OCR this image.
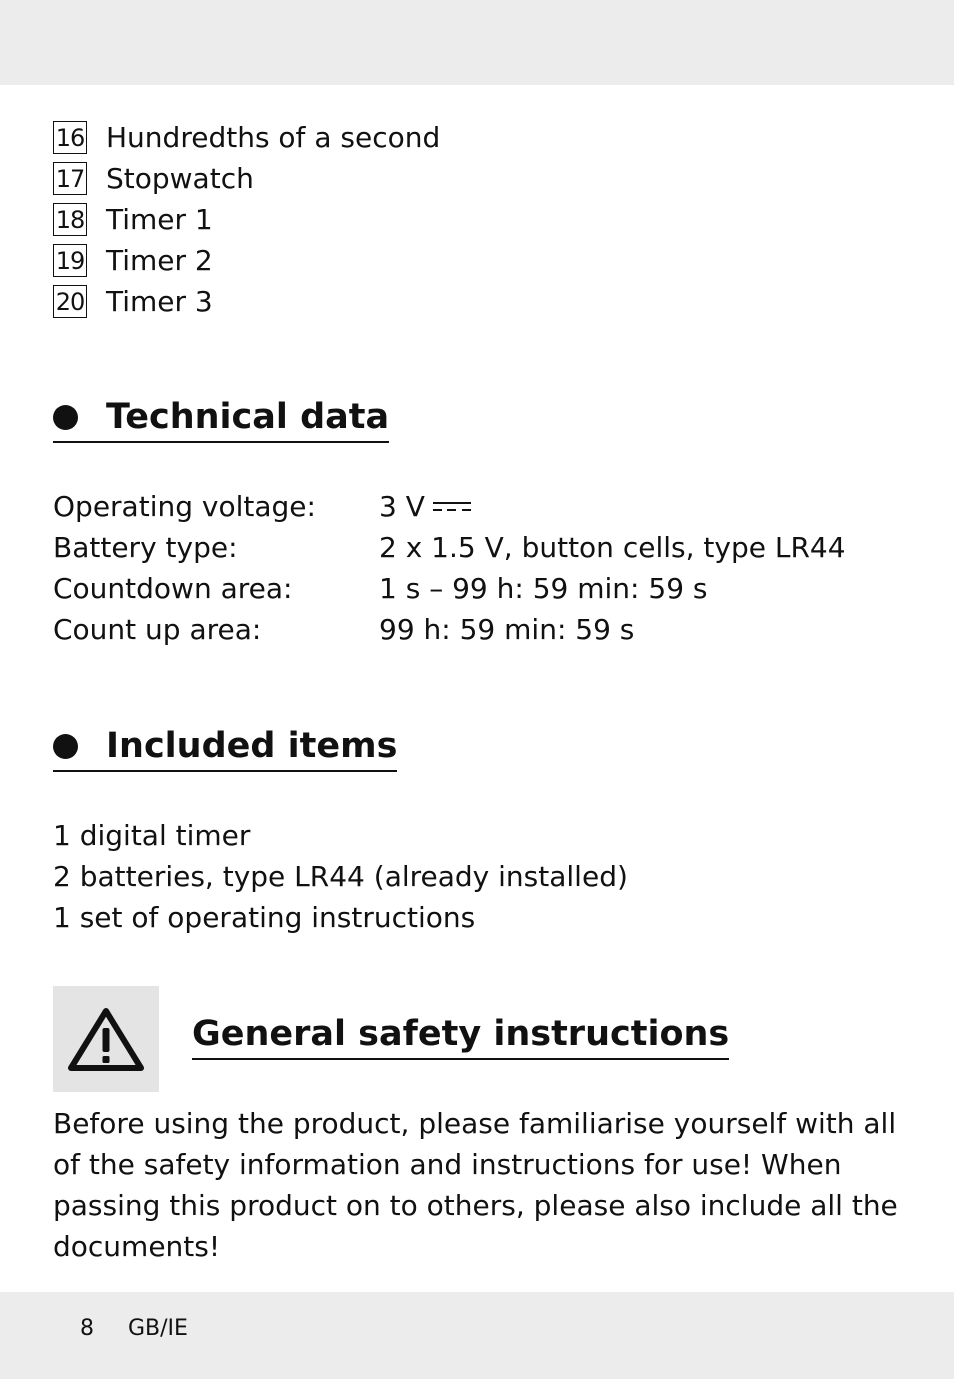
16 Hundredths of a second
17 Stopwatch
18 Timer 1
19 Timer 2
20 Timer 3
Technical data
Operating voltage:	3 V
Battery type:	2 x 1.5 V, button cells, type LR44
Countdown area:	1 s – 99 h: 59 min: 59 s
Count up area:	99 h: 59 min: 59 s
Included items
1 digital timer
2 batteries, type LR44 (already installed)
1 set of operating instructions
General safety instructions
Before using the product, please familiarise yourself with all of the safety information and instructions for use! When passing this product on to others, please also include all the documents!
8 GB/IE
